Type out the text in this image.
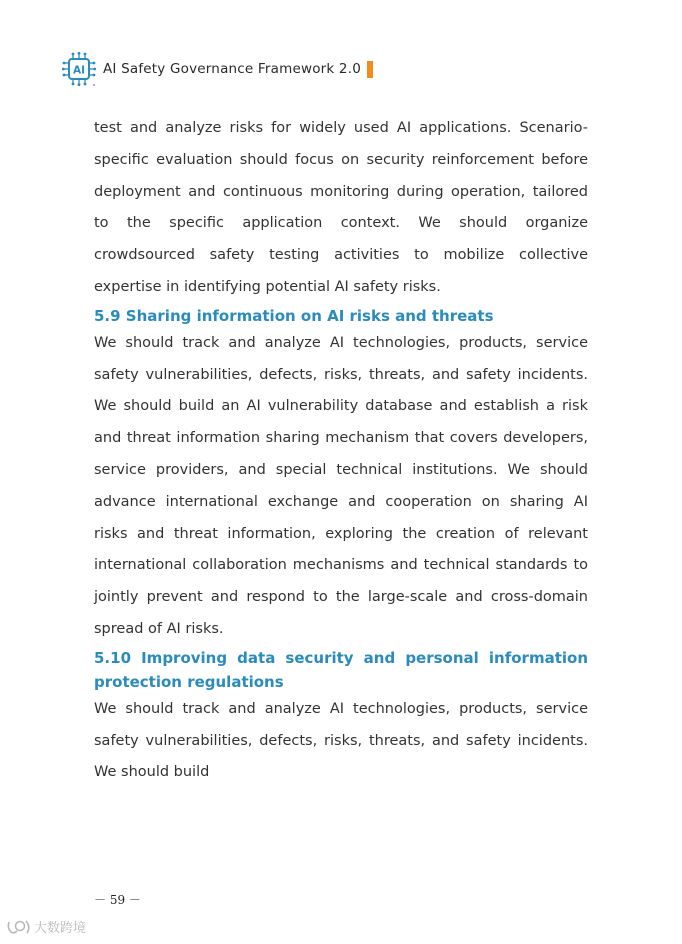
AI AI Safety Governance Framework 2.0

test and analyze risks for widely used AI applications. Scenario-specific evaluation should focus on security reinforcement before deployment and continuous monitoring during operation, tailored to the specific application context. We should organize crowdsourced safety testing activities to mobilize collective expertise in identifying potential AI safety risks.

5.9 Sharing information on AI risks and threats

We should track and analyze AI technologies, products, service safety vulnerabilities, defects, risks, threats, and safety incidents. We should build an AI vulnerability database and establish a risk and threat information sharing mechanism that covers developers, service providers, and special technical institutions. We should advance international exchange and cooperation on sharing AI risks and threat information, exploring the creation of relevant international collaboration mechanisms and technical standards to jointly prevent and respond to the large-scale and cross-domain spread of AI risks.

5.10 Improving data security and personal information protection regulations

We should track and analyze AI technologies, products, service safety vulnerabilities, defects, risks, threats, and safety incidents. We should build

－ 59 －
大数跨境
